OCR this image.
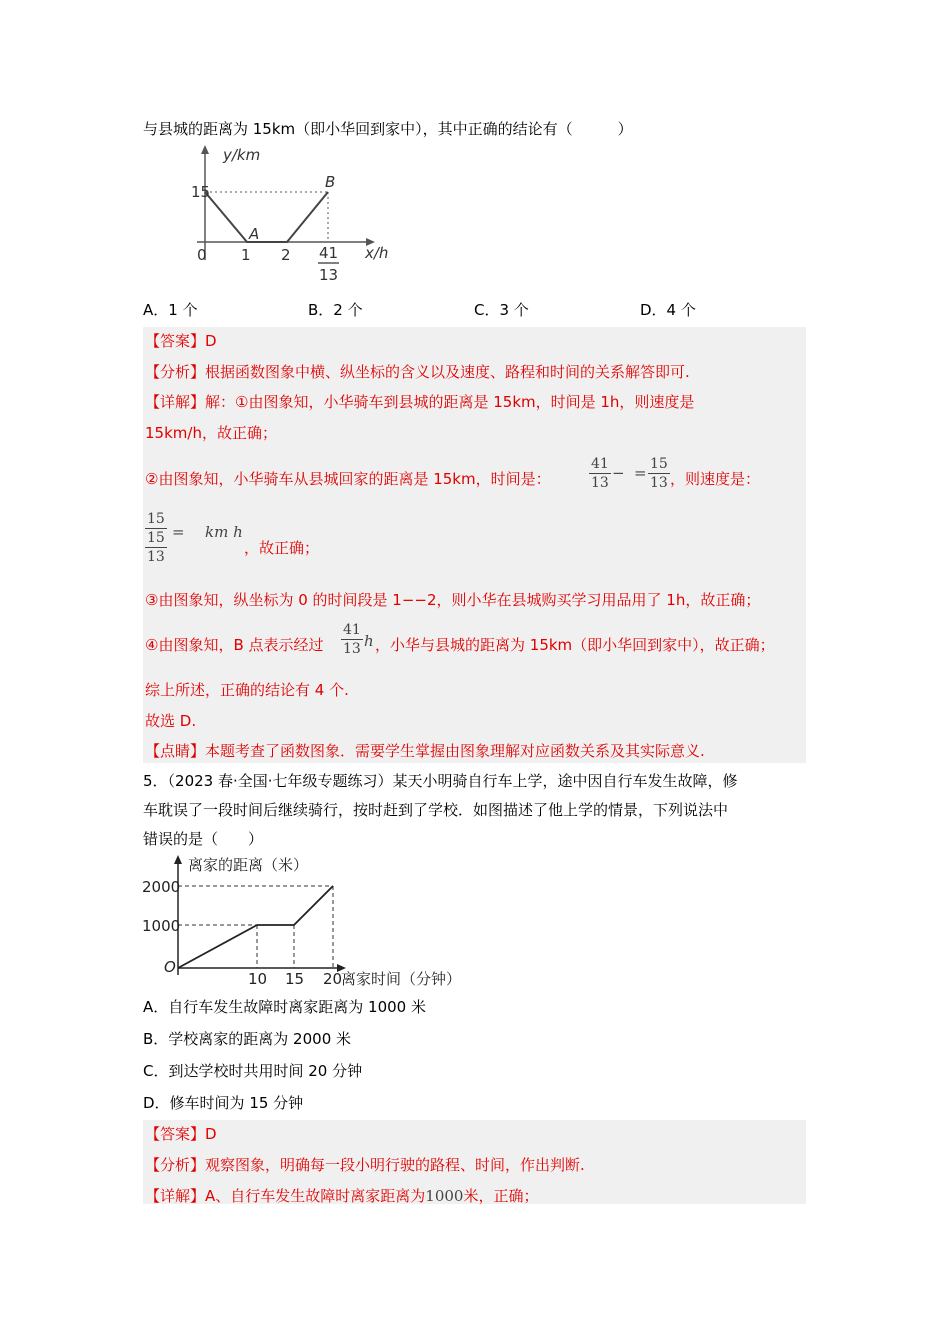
与县城的距离为 15km（即小华回到家中），其中正确的结论有（　　　）
y/km
x/h
15
0 1 2 41
13
A
B
A．1 个	B．2 个	C．3 个	D．4 个
【答案】D
【分析】根据函数图象中横、纵坐标的含义以及速度、路程和时间的关系解答即可.
【详解】解：①由图象知，小华骑车到县城的距离是 15km，时间是 1h，则速度是
15km/h，故正确；
②由图象知，小华骑车从县城回家的距离是 15km，时间是：	$\frac{41}{13}$ − = $\frac{15}{13}$ ，则速度是：
15
15
13
= km h
，故正确；
③由图象知，纵坐标为 0 的时间段是 1−−2，则小华在县城购买学习用品用了 1h，故正确；
④由图象知，B 点表示经过 $\frac{41}{13}$ h ，小华与县城的距离为 15km（即小华回到家中），故正确；
综上所述，正确的结论有 4 个.
故选 D.
【点睛】本题考查了函数图象．需要学生掌握由图象理解对应函数关系及其实际意义.
5．（2023 春·全国·七年级专题练习）某天小明骑自行车上学，途中因自行车发生故障，修
车耽误了一段时间后继续骑行，按时赶到了学校．如图描述了他上学的情景，下列说法中
错误的是（　　）
离家的距离（米）
2000
1000
O
10 15 20
离家时间（分钟）
A．自行车发生故障时离家距离为 1000 米
B．学校离家的距离为 2000 米
C．到达学校时共用时间 20 分钟
D．修车时间为 15 分钟
【答案】D
【分析】观察图象，明确每一段小明行驶的路程、时间，作出判断.
【详解】A、自行车发生故障时离家距离为1000米，正确；
